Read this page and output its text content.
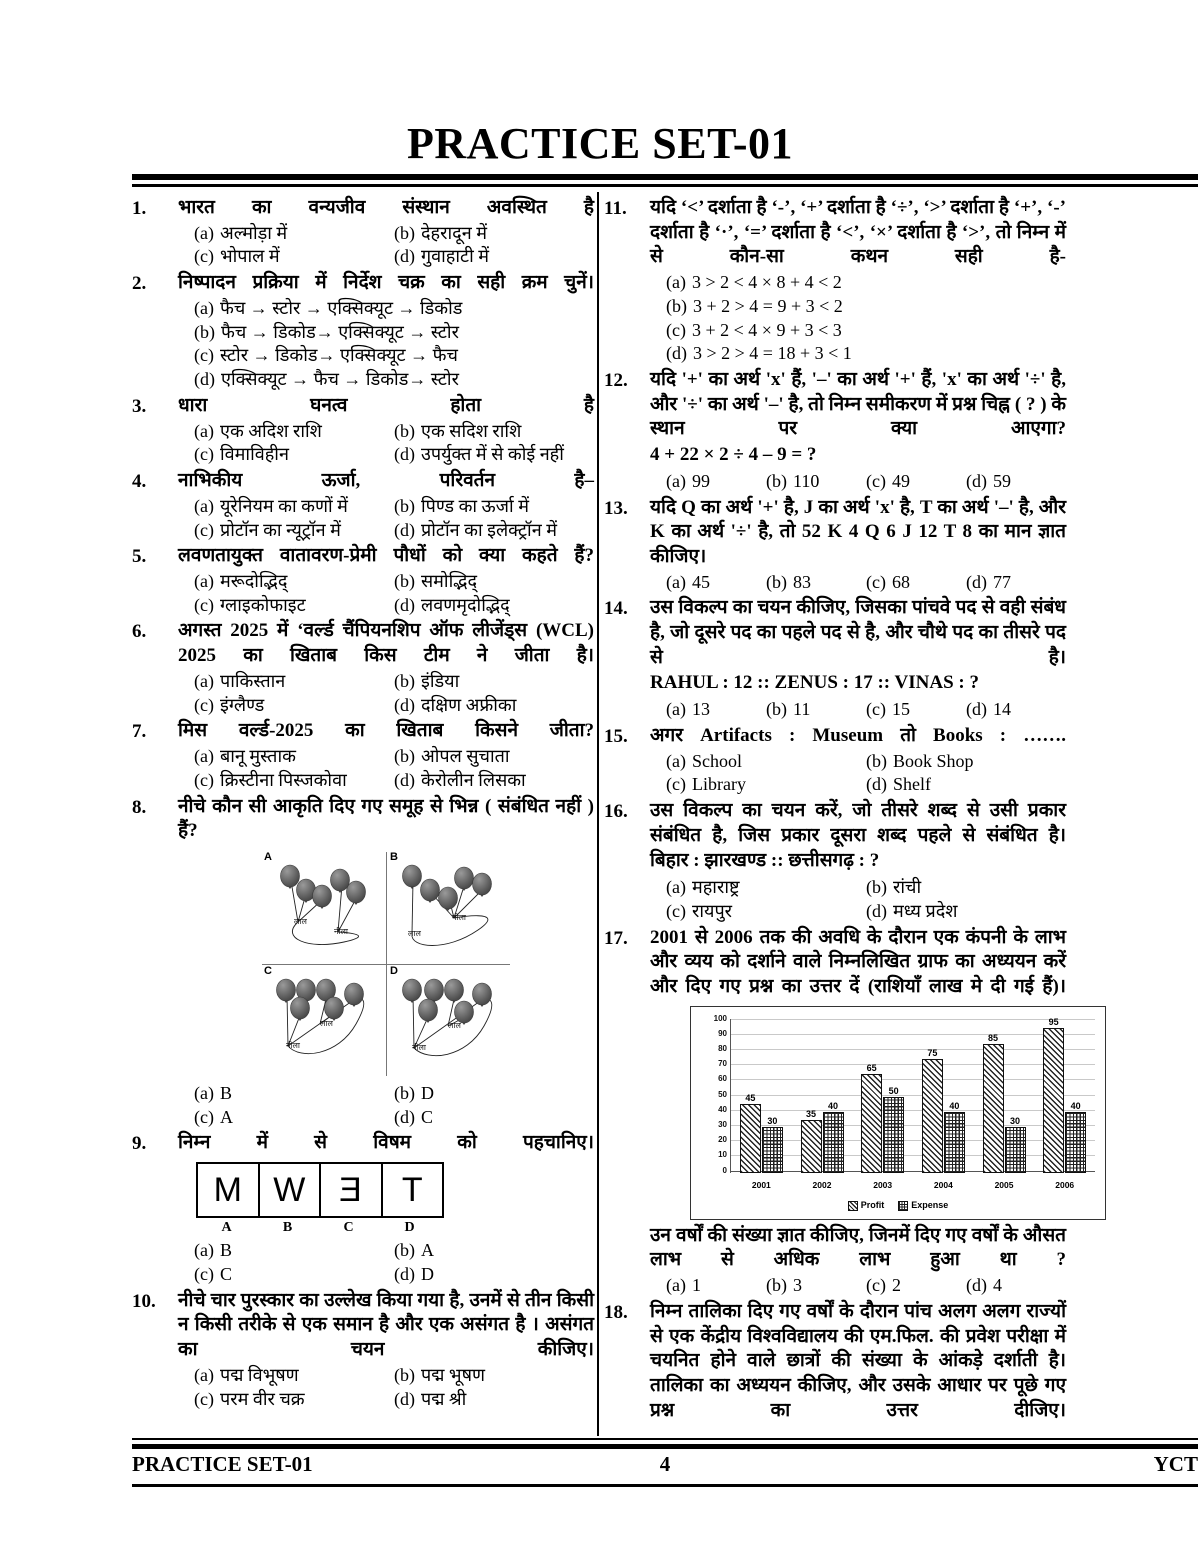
PRACTICE SET-01
1.	भारत का वन्यजीव संस्थान अवस्थित है
(a) अल्मोड़ा में	(b) देहरादून में
(c) भोपाल में	(d) गुवाहाटी में
2.	निष्पादन प्रक्रिया में निर्देश चक्र का सही क्रम चुनें।
(a) फैच → स्टोर → एक्सिक्यूट → डिकोड
(b) फैच → डिकोड→ एक्सिक्यूट → स्टोर
(c) स्टोर → डिकोड→ एक्सिक्यूट → फैच
(d) एक्सिक्यूट → फैच → डिकोड→ स्टोर
3.	धारा घनत्व होता है
(a) एक अदिश राशि	(b) एक सदिश राशि
(c) विमाविहीन	(d) उपर्युक्त में से कोई नहीं
4.	नाभिकीय ऊर्जा, परिवर्तन है–
(a) यूरेनियम का कणों में	(b) पिण्ड का ऊर्जा में
(c) प्रोटॉन का न्यूट्रॉन में	(d) प्रोटॉन का इलेक्ट्रॉन में
5.	लवणतायुक्त वातावरण-प्रेमी पौधों को क्या कहते हैं?
(a) मरूदोद्भिद्	(b) समोद्भिद्
(c) ग्लाइकोफाइट	(d) लवणमृदोद्भिद्
6.	अगस्त 2025 में ‘वर्ल्ड चैंपियनशिप ऑफ लीजेंड्स (WCL) 2025 का खिताब किस टीम ने जीता है।
(a) पाकिस्तान	(b) इंडिया
(c) इंग्लैण्ड	(d) दक्षिण अफ्रीका
7.	मिस वर्ल्ड-2025 का खिताब किसने जीता?
(a) बानू मुस्ताक	(b) ओपल सुचाता
(c) क्रिस्टीना पिस्जकोवा	(d) केरोलीन लिसका
8.	नीचे कौन सी आकृति दिए गए समूह से भिन्न ( संबंधित नहीं ) हैं?
लाल
नीला
A
नीला
लाल
B
लाल
नीला
C
लाल
नीला
D
(a) B	(b) D
(c) A	(d) C
9.	निम्न में से विषम को पहचानिए।
M W E T
A	B	C	D
(a) B	(b) A
(c) C	(d) D
10.	नीचे चार पुरस्कार का उल्लेख किया गया है, उनमें से तीन किसी न किसी तरीके से एक समान है और एक असंगत है । असंगत का चयन कीजिए।
(a) पद्म विभूषण	(b) पद्म भूषण
(c) परम वीर चक्र	(d) पद्म श्री
11.	यदि ‘<’ दर्शाता है ‘-’, ‘+’ दर्शाता है ‘÷’, ‘>’ दर्शाता है ‘+’, ‘-’ दर्शाता है ‘·’, ‘=’ दर्शाता है ‘<’, ‘×’ दर्शाता है ‘>’, तो निम्न में से कौन-सा कथन सही है-
(a) 3 > 2 < 4 × 8 + 4 < 2
(b) 3 + 2 > 4 = 9 + 3 < 2
(c) 3 + 2 < 4 × 9 + 3 < 3
(d) 3 > 2 > 4 = 18 + 3 < 1
12.	यदि '+' का अर्थ 'x' हैं, '–' का अर्थ '+' हैं, 'x' का अर्थ '÷' है, और '÷' का अर्थ '–' है, तो निम्न समीकरण में प्रश्न चिह्न ( ? ) के स्थान पर क्या आएगा?
4 + 22 × 2 ÷ 4 – 9 = ?
(a) 99	(b) 110	(c) 49	(d) 59
13.	यदि Q का अर्थ '+' है, J का अर्थ 'x' है, T का अर्थ '–' है, और K का अर्थ '÷' है, तो 52 K 4 Q 6 J 12 T 8 का मान ज्ञात कीजिए।
(a) 45	(b) 83	(c) 68	(d) 77
14.	उस विकल्प का चयन कीजिए, जिसका पांचवे पद से वही संबंध है, जो दूसरे पद का पहले पद से है, और चौथे पद का तीसरे पद से है।
RAHUL : 12 :: ZENUS : 17 :: VINAS : ?
(a) 13	(b) 11	(c) 15	(d) 14
15.	अगर Artifacts : Museum तो Books : …….
(a) School	(b) Book Shop
(c) Library	(d) Shelf
16.	उस विकल्प का चयन करें, जो तीसरे शब्द से उसी प्रकार संबंधित है, जिस प्रकार दूसरा शब्द पहले से संबंधित है।
बिहार : झारखण्ड :: छत्तीसगढ़ : ?
(a) महाराष्ट्र	(b) रांची
(c) रायपुर	(d) मध्य प्रदेश
17.	2001 से 2006 तक की अवधि के दौरान एक कंपनी के लाभ और व्यय को दर्शाने वाले निम्नलिखित ग्राफ का अध्ययन करें और दिए गए प्रश्न का उत्तर दें (राशियाँ लाख मे दी गई हैं)।
0
10
20
30
40
50
60
70
80
90
100
45
30
35
40
65
50
75
40
85
30
95
40
2001	2002	2003	2004	2005	2006
Profit	Expense
उन वर्षों की संख्या ज्ञात कीजिए, जिनमें दिए गए वर्षों के औसत लाभ से अधिक लाभ हुआ था ?
(a) 1	(b) 3	(c) 2	(d) 4
18.	निम्न तालिका दिए गए वर्षों के दौरान पांच अलग अलग राज्यों से एक केंद्रीय विश्वविद्यालय की एम.फिल. की प्रवेश परीक्षा में चयनित होने वाले छात्रों की संख्या के आंकड़े दर्शाती है। तालिका का अध्ययन कीजिए, और उसके आधार पर पूछे गए प्रश्न का उत्तर दीजिए।
PRACTICE SET-01	4	YCT
